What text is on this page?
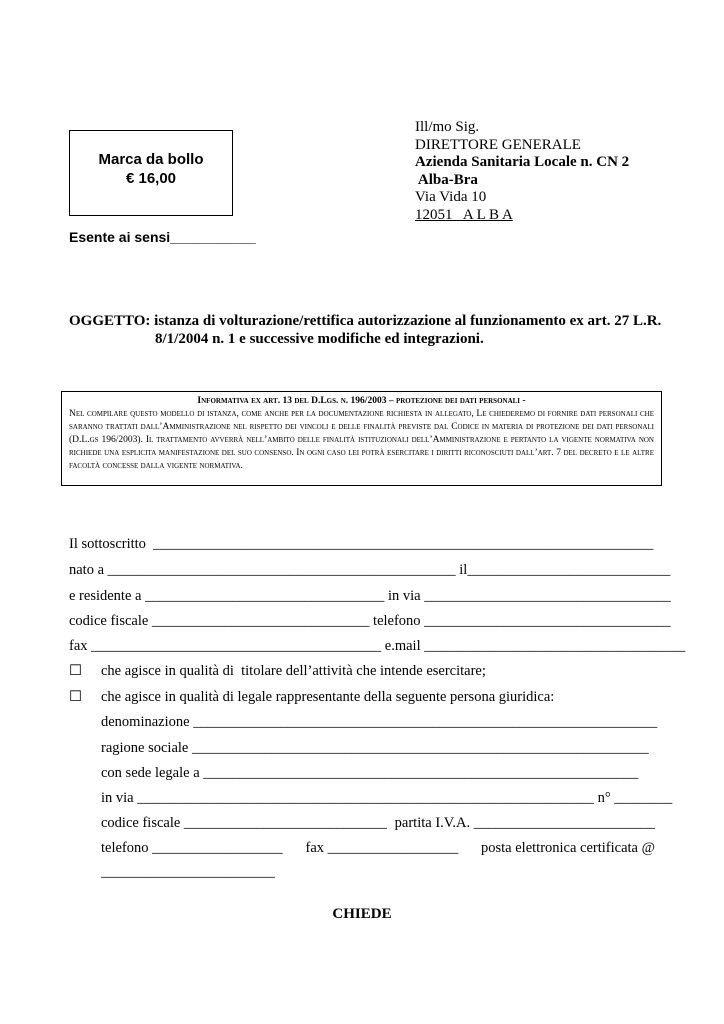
Marca da bollo
€ 16,00
Esente ai sensi___________
Ill/mo Sig.
DIRETTORE GENERALE
Azienda Sanitaria Locale n. CN 2
Alba-Bra
Via Vida 10
12051   A L B A
OGGETTO: istanza di volturazione/rettifica autorizzazione al funzionamento ex art. 27 L.R.
8/1/2004 n. 1 e successive modifiche ed integrazioni.
Informativa ex art. 13 del D.Lgs. n. 196/2003 – protezione dei dati personali -
Nel compilare questo modello di istanza, come anche per la documentazione richiesta in allegato, Le chiederemo di fornire dati personali che saranno trattati dall’Amministrazione nel rispetto dei vincoli e delle finalità previste dal Codice in materia di protezione dei dati personali (D.L.gs 196/2003). Il trattamento avverrà nell’ambito delle finalità istituzionali dell’Amministrazione e pertanto la vigente normativa non richiede una esplicita manifestazione del suo consenso. In ogni caso lei potrà esercitare i diritti riconosciuti dall’art. 7 del decreto e le altre facoltà concesse dalla vigente normativa.
Il sottoscritto  _____________________________________________________________________
nato a ________________________________________________ il____________________________
e residente a _________________________________ in via __________________________________
codice fiscale ______________________________ telefono __________________________________
fax ________________________________________ e.mail ____________________________________
☐ che agisce in qualità di  titolare dell’attività che intende esercitare;
☐ che agisce in qualità di legale rappresentante della seguente persona giuridica:
denominazione ________________________________________________________________
ragione sociale _______________________________________________________________
con sede legale a ____________________________________________________________
in via _______________________________________________________________ n° ________
codice fiscale ____________________________ partita I.V.A. _________________________
telefono __________________ fax __________________ posta elettronica certificata @
________________________
CHIEDE
